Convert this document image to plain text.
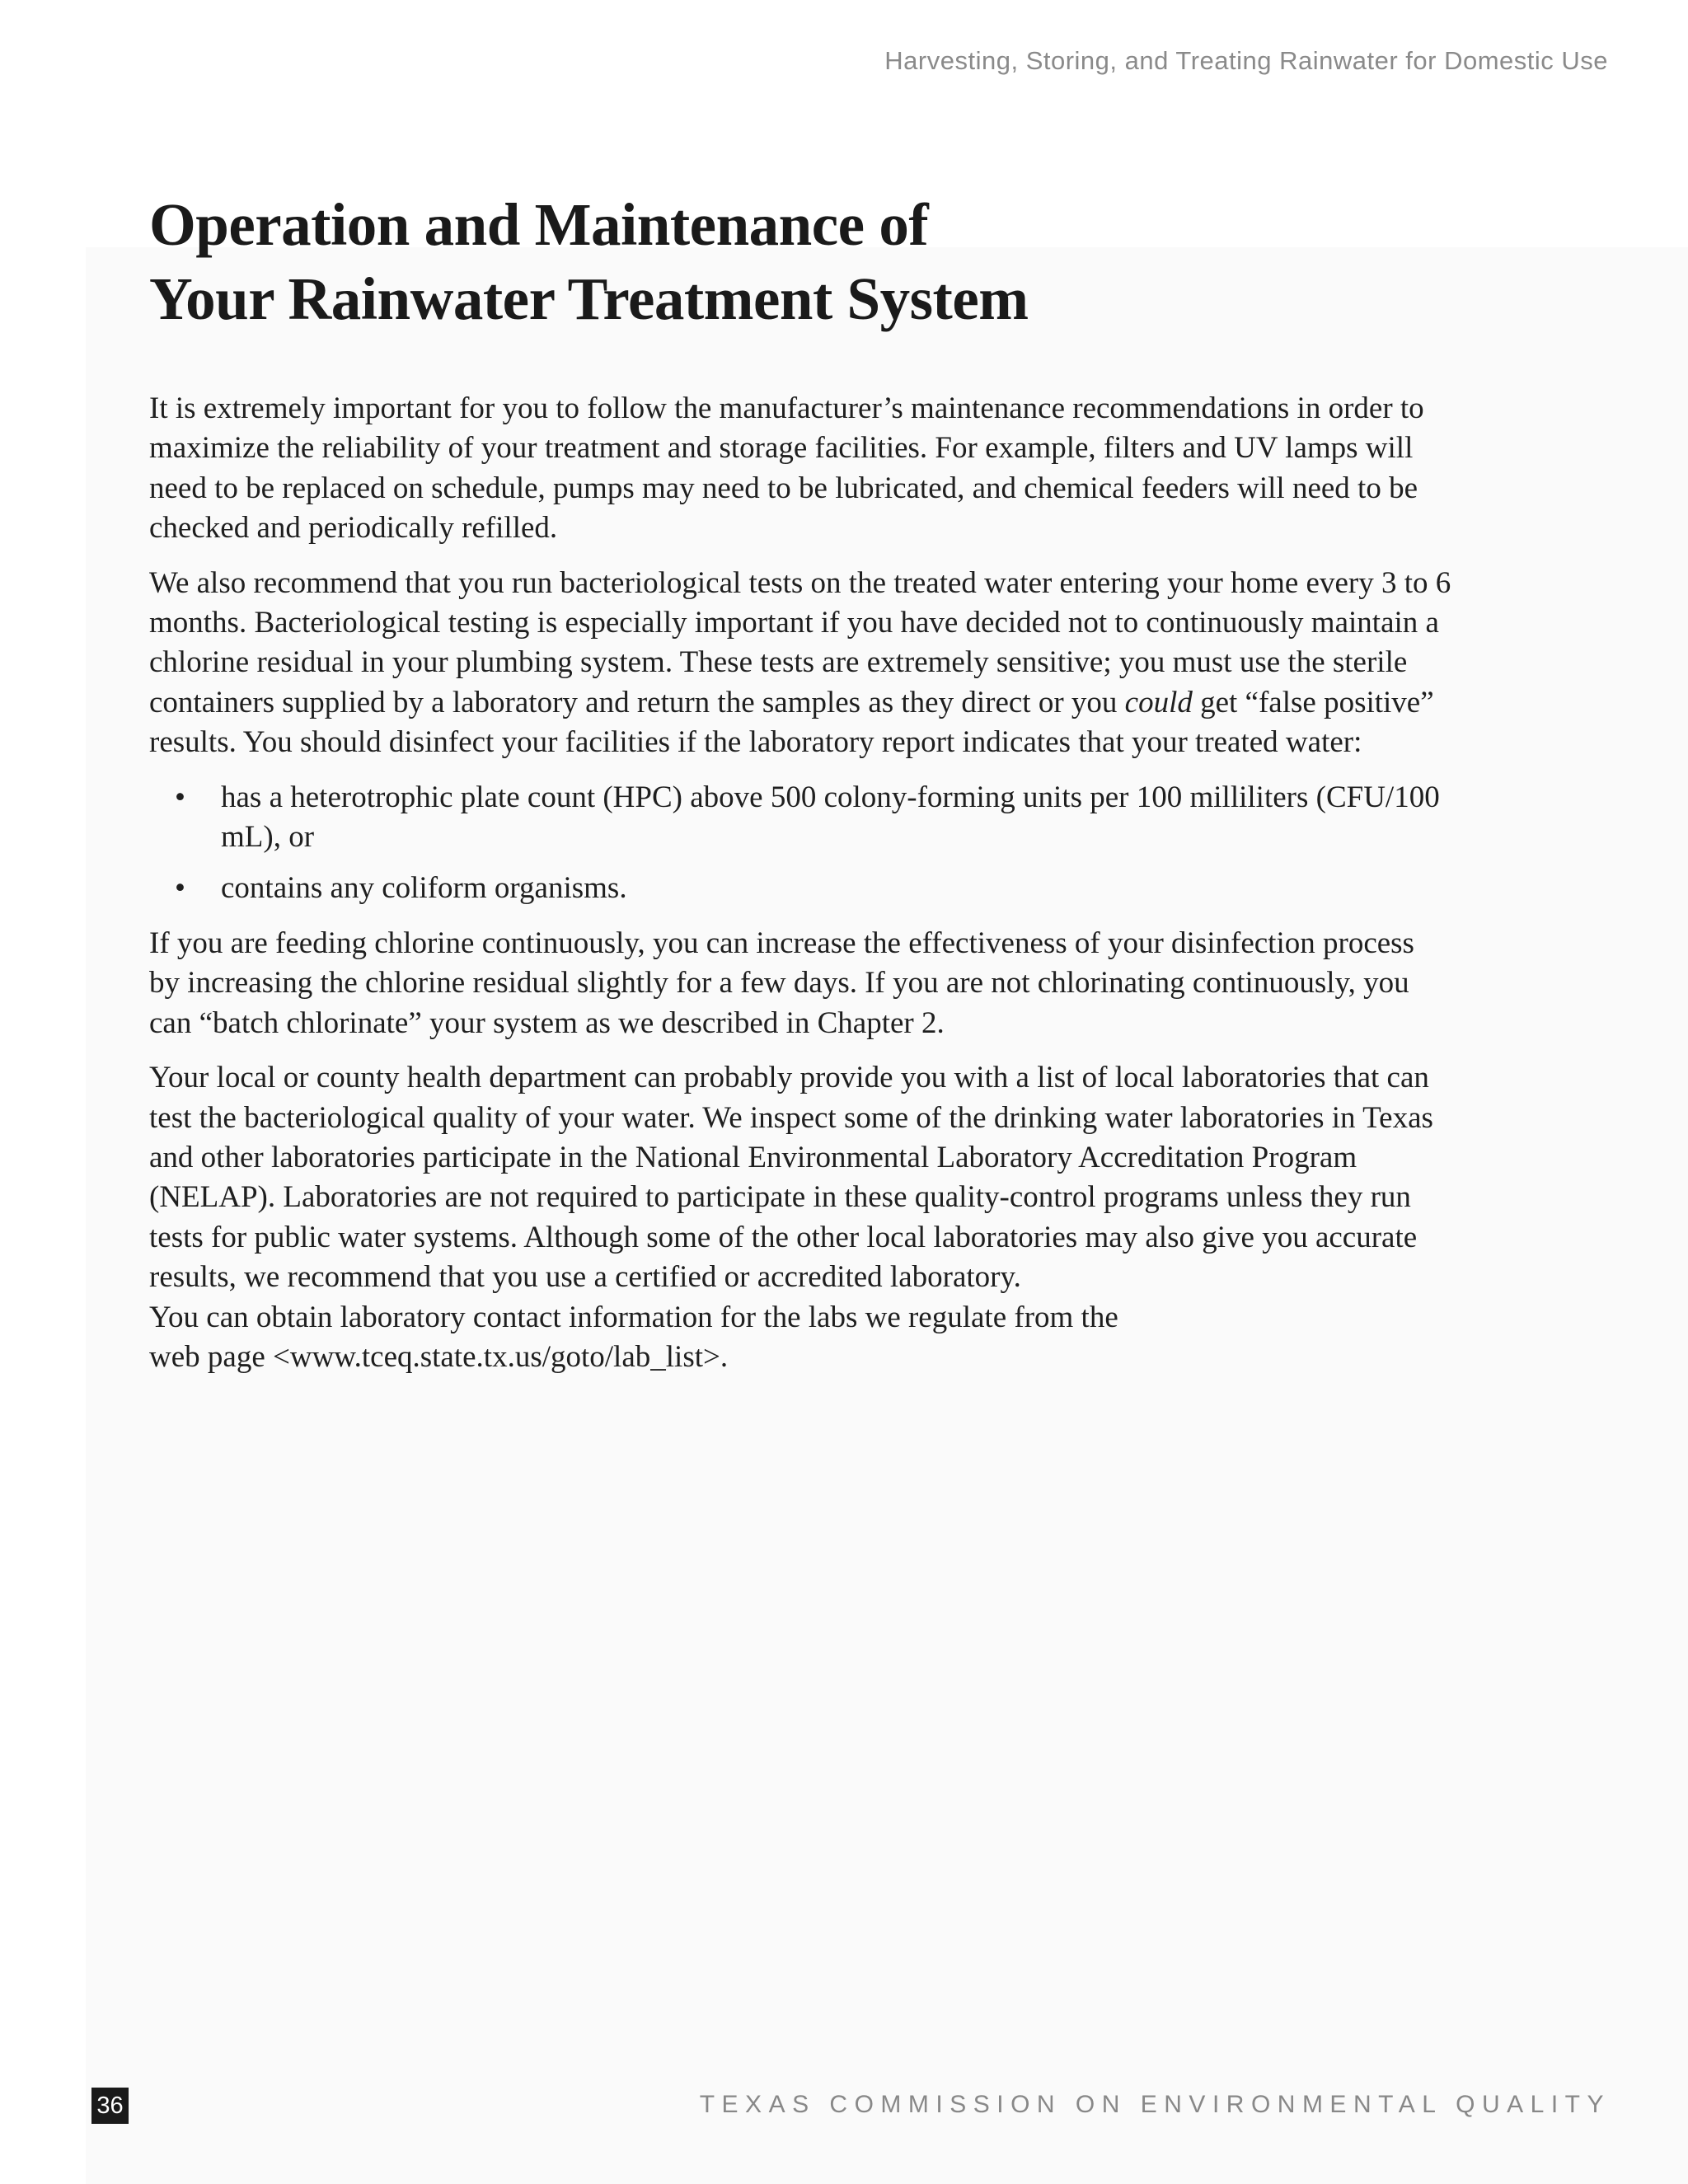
Harvesting, Storing, and Treating Rainwater for Domestic Use
Operation and Maintenance of
Your Rainwater Treatment System

It is extremely important for you to follow the manufacturer’s maintenance recommendations in order to maximize the reliability of your treatment and storage facilities. For example, filters and UV lamps will need to be replaced on schedule, pumps may need to be lubricated, and chemical feeders will need to be checked and periodically refilled.

We also recommend that you run bacteriological tests on the treated water entering your home every 3 to 6 months. Bacteriological testing is especially important if you have decided not to continuously maintain a chlorine residual in your plumbing system. These tests are extremely sensitive; you must use the sterile containers supplied by a laboratory and return the samples as they direct or you could get “false positive” results. You should disinfect your facilities if the laboratory report indicates that your treated water:

• has a heterotrophic plate count (HPC) above 500 colony-forming units per 100 milliliters (CFU/100 mL), or
• contains any coliform organisms.

If you are feeding chlorine continuously, you can increase the effectiveness of your disinfection process by increasing the chlorine residual slightly for a few days. If you are not chlorinating continuously, you can “batch chlorinate” your system as we described in Chapter 2.

Your local or county health department can probably provide you with a list of local laboratories that can test the bacteriological quality of your water. We inspect some of the drinking water laboratories in Texas and other laboratories participate in the National Environmental Laboratory Accreditation Program (NELAP). Laboratories are not required to participate in these quality-control programs unless they run tests for public water systems. Although some of the other local laboratories may also give you accurate results, we recommend that you use a certified or accredited laboratory.
You can obtain laboratory contact information for the labs we regulate from the
web page <www.tceq.state.tx.us/goto/lab_list>.

36	TEXAS COMMISSION ON ENVIRONMENTAL QUALITY
